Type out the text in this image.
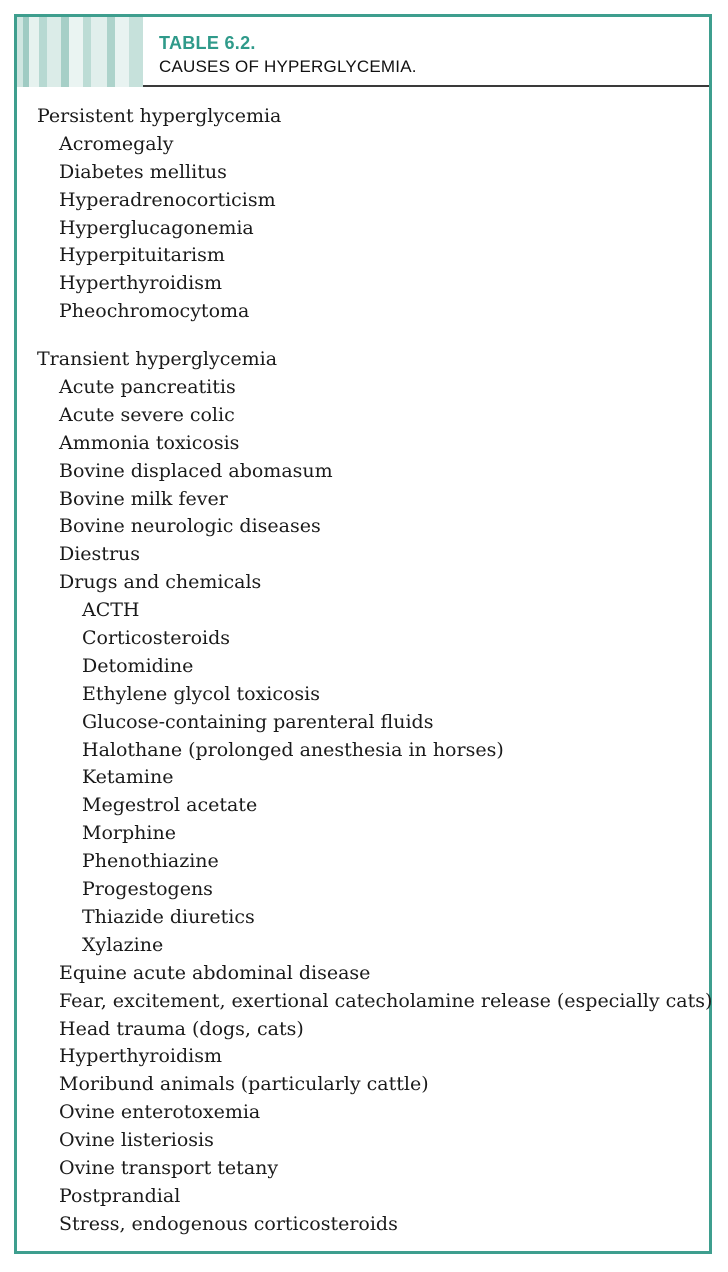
TABLE 6.2.
CAUSES OF HYPERGLYCEMIA.
Persistent hyperglycemia
Acromegaly
Diabetes mellitus
Hyperadrenocorticism
Hyperglucagonemia
Hyperpituitarism
Hyperthyroidism
Pheochromocytoma
Transient hyperglycemia
Acute pancreatitis
Acute severe colic
Ammonia toxicosis
Bovine displaced abomasum
Bovine milk fever
Bovine neurologic diseases
Diestrus
Drugs and chemicals
ACTH
Corticosteroids
Detomidine
Ethylene glycol toxicosis
Glucose-containing parenteral fluids
Halothane (prolonged anesthesia in horses)
Ketamine
Megestrol acetate
Morphine
Phenothiazine
Progestogens
Thiazide diuretics
Xylazine
Equine acute abdominal disease
Fear, excitement, exertional catecholamine release (especially cats)
Head trauma (dogs, cats)
Hyperthyroidism
Moribund animals (particularly cattle)
Ovine enterotoxemia
Ovine listeriosis
Ovine transport tetany
Postprandial
Stress, endogenous corticosteroids
